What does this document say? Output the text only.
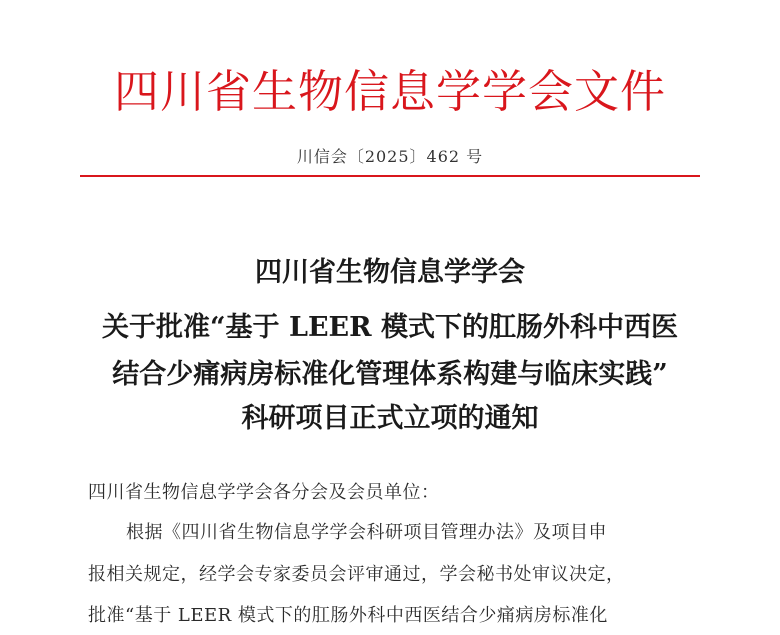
四川省生物信息学学会文件
川信会〔2025〕462 号
四川省生物信息学学会
关于批准“基于 LEER 模式下的肛肠外科中西医
结合少痛病房标准化管理体系构建与临床实践”
科研项目正式立项的通知
四川省生物信息学学会各分会及会员单位：
根据《四川省生物信息学学会科研项目管理办法》及项目申
报相关规定，经学会专家委员会评审通过，学会秘书处审议决定，
批准“基于 LEER 模式下的肛肠外科中西医结合少痛病房标准化
